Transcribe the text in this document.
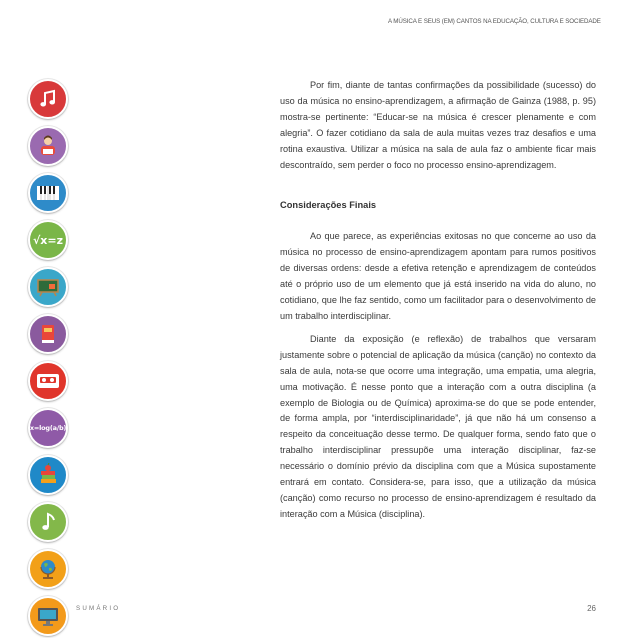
A MÚSICA E SEUS (EM) CANTOS NA EDUCAÇÃO, CULTURA E SOCIEDADE
√x=z
x=log(a/b)

Por fim, diante de tantas confirmações da possibilidade (sucesso) do uso da música no ensino-aprendizagem, a afirmação de Gainza (1988, p. 95) mostra-se pertinente: “Educar-se na música é crescer plenamente e com alegria”. O fazer cotidiano da sala de aula muitas vezes traz desafios e uma rotina exaustiva. Utilizar a música na sala de aula faz o ambiente ficar mais descontraído, sem perder o foco no processo ensino-aprendizagem.

Considerações Finais

Ao que parece, as experiências exitosas no que concerne ao uso da música no processo de ensino-aprendizagem apontam para rumos positivos de diversas ordens: desde a efetiva retenção e aprendizagem de conteúdos até o próprio uso de um elemento que já está inserido na vida do aluno, no cotidiano, que lhe faz sentido, como um facilitador para o desenvolvimento de um trabalho interdisciplinar.

Diante da exposição (e reflexão) de trabalhos que versaram justamente sobre o potencial de aplicação da música (canção) no contexto da sala de aula, nota-se que ocorre uma integração, uma empatia, uma alegria, uma motivação. É nesse ponto que a interação com a outra disciplina (a exemplo de Biologia ou de Química) aproxima-se do que se pode entender, de forma ampla, por “interdisciplinaridade”, já que não há um consenso a respeito da conceituação desse termo. De qualquer forma, sendo fato que o trabalho interdisciplinar pressupõe uma interação disciplinar, faz-se necessário o domínio prévio da disciplina com que a Música supostamente entrará em contato. Considera-se, para isso, que a utilização da música (canção) como recurso no processo de ensino-aprendizagem é resultado da interação com a Música (disciplina).

SUMÁRIO	26
